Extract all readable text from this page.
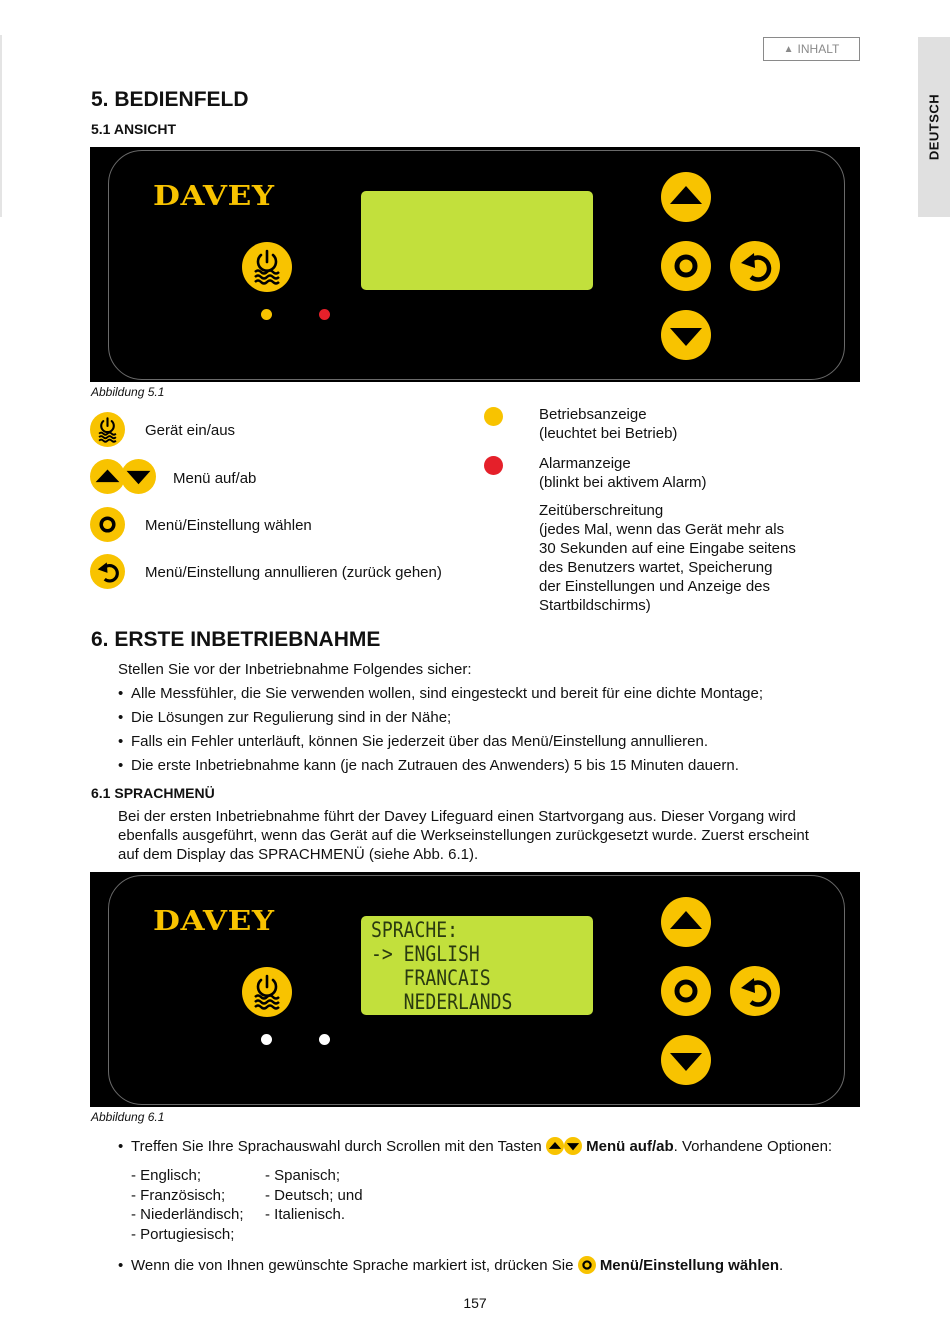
▲ INHALT
DEUTSCH
5. BEDIENFELD
5.1 ANSICHT
DAVEY
Abbildung 5.1
Gerät ein/aus
Menü auf/ab
Menü/Einstellung wählen
Menü/Einstellung annullieren (zurück gehen)
Betriebsanzeige
(leuchtet bei Betrieb)
Alarmanzeige
(blinkt bei aktivem Alarm)
Zeitüberschreitung
(jedes Mal, wenn das Gerät mehr als
30 Sekunden auf eine Eingabe seitens
des Benutzers wartet, Speicherung
der Einstellungen und Anzeige des
Startbildschirms)
6. ERSTE INBETRIEBNAHME
Stellen Sie vor der Inbetriebnahme Folgendes sicher:
• Alle Messfühler, die Sie verwenden wollen, sind eingesteckt und bereit für eine dichte Montage;
• Die Lösungen zur Regulierung sind in der Nähe;
• Falls ein Fehler unterläuft, können Sie jederzeit über das Menü/Einstellung annullieren.
• Die erste Inbetriebnahme kann (je nach Zutrauen des Anwenders) 5 bis 15 Minuten dauern.
6.1 SPRACHMENÜ
Bei der ersten Inbetriebnahme führt der Davey Lifeguard einen Startvorgang aus. Dieser Vorgang wird
ebenfalls ausgeführt, wenn das Gerät auf die Werkseinstellungen zurückgesetzt wurde. Zuerst erscheint
auf dem Display das SPRACHMENÜ (siehe Abb. 6.1).
DAVEY	SPRACHE:
-> ENGLISH
FRANCAIS
NEDERLANDS
Abbildung 6.1
• Treffen Sie Ihre Sprachauswahl durch Scrollen mit den Tasten	Menü auf/ab. Vorhandene Optionen:
- Englisch;
- Französisch;
- Niederländisch;
- Portugiesisch;
- Spanisch;
- Deutsch; und
- Italienisch.
• Wenn die von Ihnen gewünschte Sprache markiert ist, drücken Sie Menü/Einstellung wählen.
157
